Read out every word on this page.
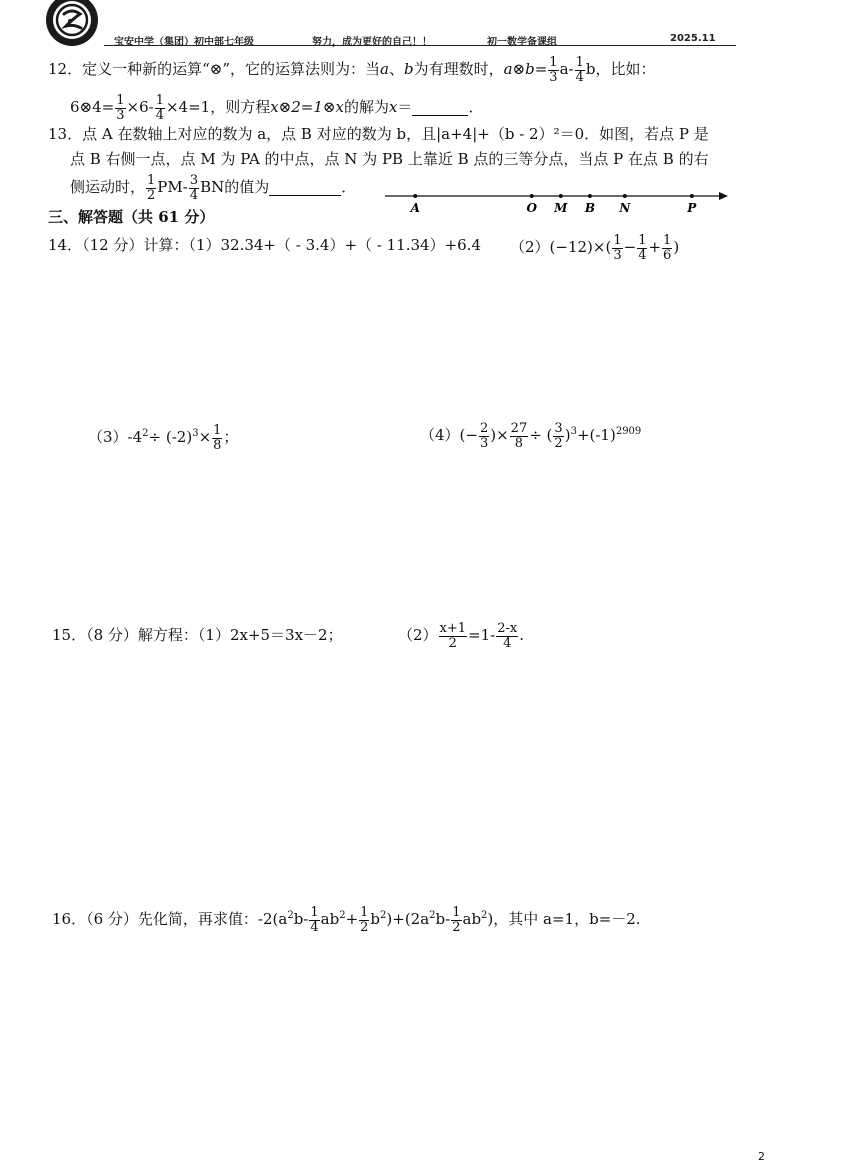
宝安中学（集团）初中部七年级	努力，成为更好的自己！！	初一数学备课组	2025.11
12．定义一种新的运算“⊗”，它的运算法则为：当a、b为有理数时，a⊗b= $\frac{1}{3} a- \frac{1}{4}$ b，比如：
6⊗4= $\frac{1}{3} \times 6- \frac{1}{4} \times 4=1$，则方程x⊗2=1⊗x的解为x＝	．
13．点 A 在数轴上对应的数为 a，点 B 对应的数为 b，且|a+4|+（b - 2）²＝0．如图，若点 P 是
点 B 右侧一点，点 M 为 PA 的中点，点 N 为 PB 上靠近 B 点的三等分点，当点 P 在点 B 的右
侧运动时， $\frac{1}{2} PM- \frac{3}{4}$ BN的值为	．
A	O M B N	P
三、解答题（共 61 分）
14．（12 分）计算：（1）32.34+（ - 3.4）+（ - 11.34）+6.4 $(2)(-12)\times( \frac{1}{3} - \frac{1}{4} + \frac{1}{6}$ )
$(3)-4^2\div (-2)^3\times \frac{1}{8}$ ；	$(4)(- \frac{2}{3}$ )× $\frac{27}{8}$ ÷ ( $\frac{3}{2} )^3+(-1)^{2909}$
15．（8 分）解方程：（1）2x+5＝3x－2；	$(2) \frac{x+1}{2} =1- \frac{2-x}{4}$ .
16．（6 分）先化简，再求值：$-2(a^2b- \frac{1}{4} ab^2+ \frac{1}{2} b^2)+(2a^2b- \frac{1}{2} ab^2)$，其中 a=1，b=－2.
2
